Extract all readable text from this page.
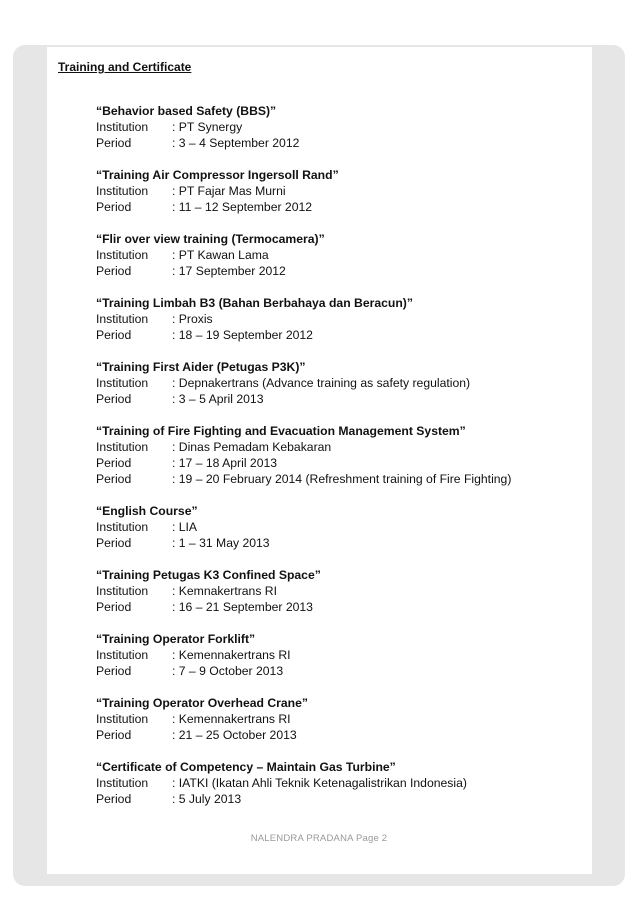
Training and Certificate
“Behavior based Safety (BBS)”
Institution : PT Synergy
Period	: 3 – 4 September 2012
“Training Air Compressor Ingersoll Rand”
Institution : PT Fajar Mas Murni
Period	: 11 – 12 September 2012
“Flir over view training (Termocamera)”
Institution : PT Kawan Lama
Period	: 17 September 2012
“Training Limbah B3 (Bahan Berbahaya dan Beracun)”
Institution : Proxis
Period	: 18 – 19 September 2012
“Training First Aider (Petugas P3K)”
Institution : Depnakertrans (Advance training as safety regulation)
Period	: 3 – 5 April 2013
“Training of Fire Fighting and Evacuation Management System”
Institution : Dinas Pemadam Kebakaran
Period	: 17 – 18 April 2013
Period	: 19 – 20 February 2014 (Refreshment training of Fire Fighting)
“English Course”
Institution : LIA
Period	: 1 – 31 May 2013
“Training Petugas K3 Confined Space”
Institution : Kemnakertrans RI
Period	: 16 – 21 September 2013
“Training Operator Forklift”
Institution : Kemennakertrans RI
Period	: 7 – 9 October 2013
“Training Operator Overhead Crane”
Institution : Kemennakertrans RI
Period	: 21 – 25 October 2013
“Certificate of Competency – Maintain Gas Turbine”
Institution : IATKI (Ikatan Ahli Teknik Ketenagalistrikan Indonesia)
Period	: 5 July 2013
NALENDRA PRADANA Page 2
